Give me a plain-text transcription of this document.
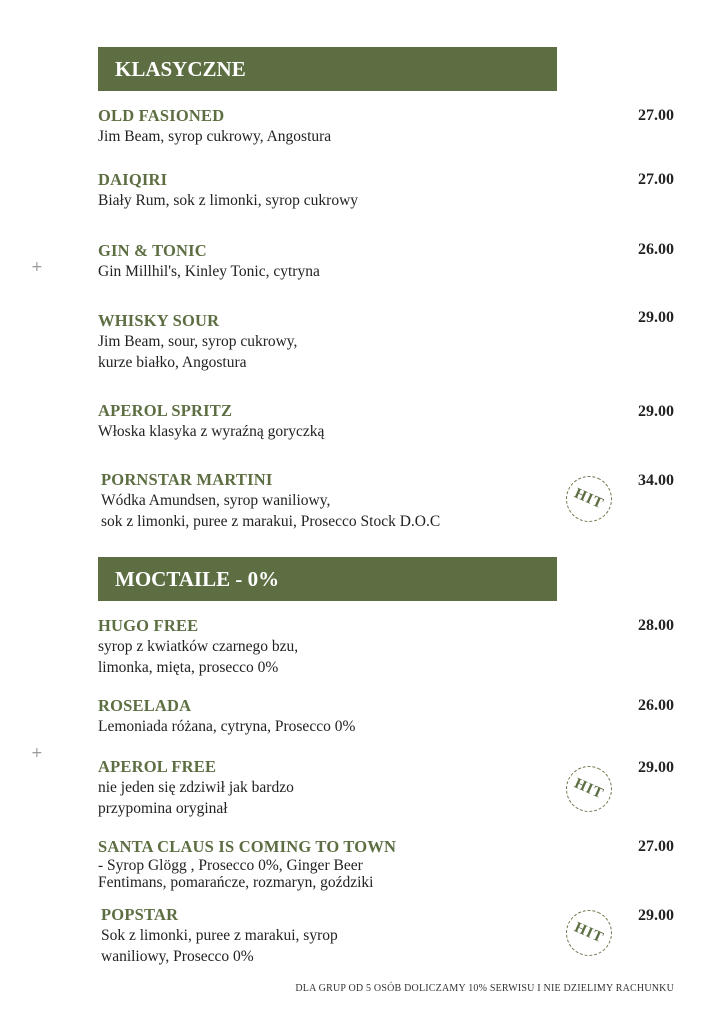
KLASYCZNE
OLD FASIONED
Jim Beam, syrop cukrowy, Angostura
27.00
DAIQIRI
Biały Rum, sok z limonki, syrop cukrowy
27.00
GIN & TONIC
Gin Millhil's, Kinley Tonic, cytryna
26.00
WHISKY SOUR
Jim Beam, sour, syrop cukrowy,
kurze białko, Angostura
29.00
APEROL SPRITZ
Włoska klasyka z wyraźną goryczką
29.00
PORNSTAR MARTINI
Wódka Amundsen, syrop waniliowy,
sok z limonki, puree z marakui, Prosecco Stock D.O.C
HIT
34.00
MOCTAILE - 0%
HUGO FREE
syrop z kwiatków czarnego bzu,
limonka, mięta, prosecco 0%
28.00
ROSELADA
Lemoniada różana, cytryna, Prosecco 0%
26.00
APEROL FREE
nie jeden się zdziwił jak bardzo
przypomina oryginał
HIT
29.00
SANTA CLAUS IS COMING TO TOWN
- Syrop Glögg , Prosecco 0%, Ginger Beer
Fentimans, pomarańcze, rozmaryn, goździki
27.00
POPSTAR
Sok z limonki, puree z marakui, syrop
waniliowy, Prosecco 0%
HIT
29.00
+
+
DLA GRUP OD 5 OSÓB DOLICZAMY 10% SERWISU I NIE DZIELIMY RACHUNKU
